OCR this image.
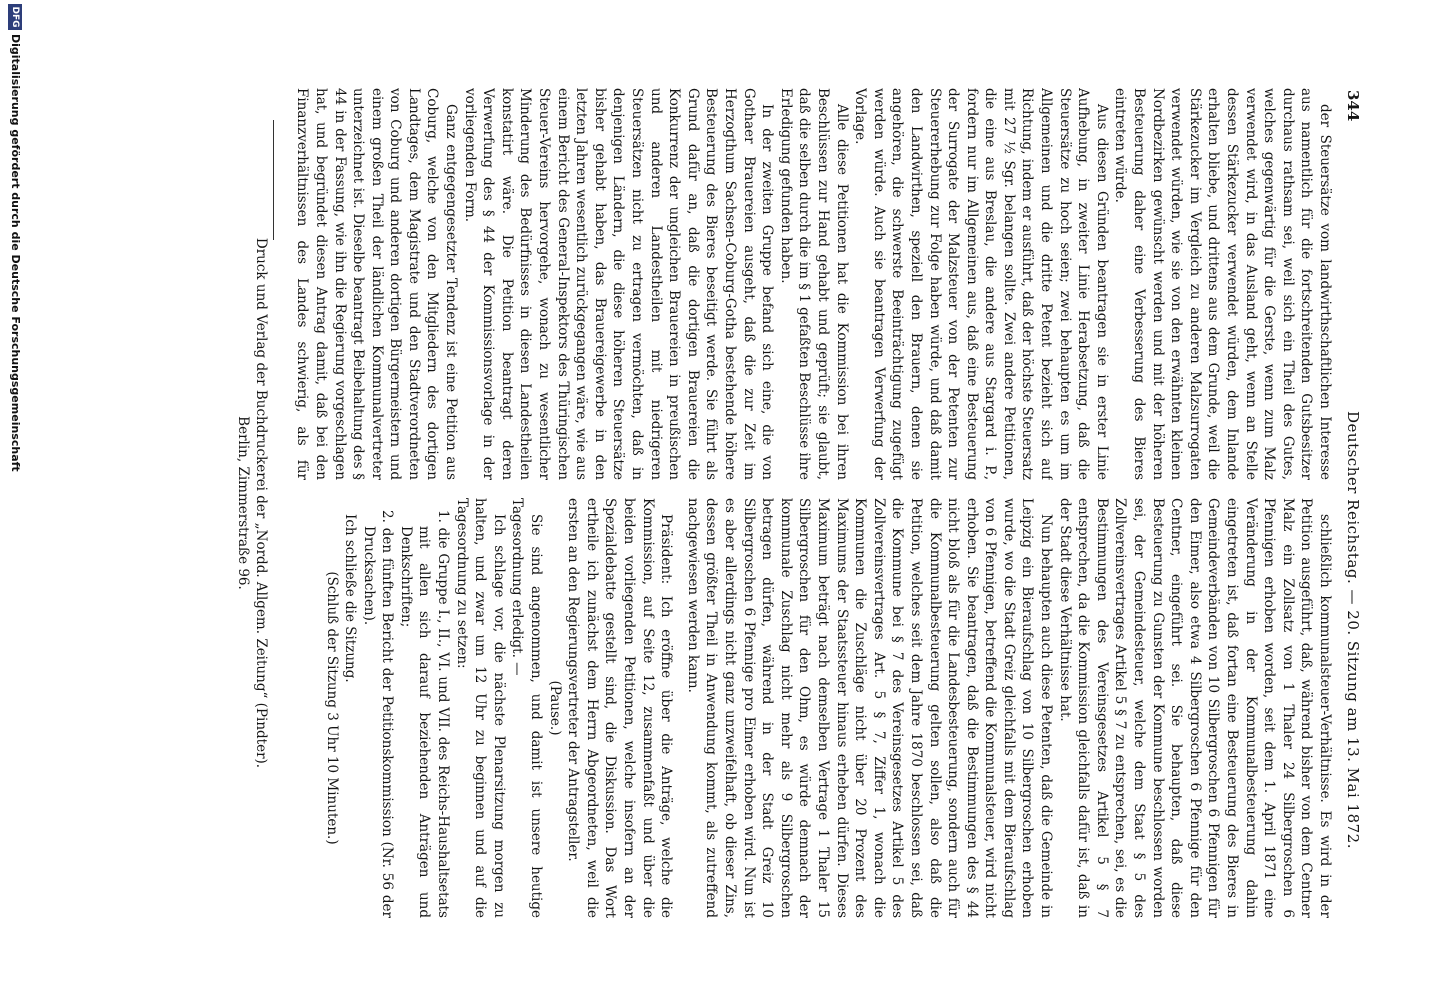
344
Deutscher Reichstag. — 20. Sitzung am 13. Mai 1872.

der Steuersätze vom landwirthschaftlichen Interesse aus namentlich für die fortschreitenden Gutsbesitzer durchaus rathsam sei, weil sich ein Theil des Gutes, welches gegenwärtig für die Gerste, wenn zum Malz verwendet wird, in das Ausland geht, wenn an Stelle dessen Stärkezucker verwendet würden, dem Inlande erhalten bliebe, und drittens aus dem Grunde, weil die Stärkezucker im Vergleich zu anderen Malzsurrogaten verwendet würden, wie sie von den erwähnten kleinen Nordbezirken gewünscht werden und mit der höheren Besteuerung daher eine Verbesserung des Bieres eintreten würde.

Aus diesen Gründen beantragen sie in erster Linie Aufhebung, in zweiter Linie Herabsetzung, daß die Steuersätze zu hoch seien; zwei behaupten es um im Allgemeinen und die dritte Petent bezieht sich auf Richtung, indem er ausführt, daß der höchste Steuersatz mit 27 ½ Sgr. belangen sollte. Zwei andere Petitionen, die eine aus Breslau, die andere aus Stargard i. P., fordern nur im Allgemeinen aus, daß eine Besteuerung der Surrogate der Malzsteuer von der Petenten zur Steuererhebung zur Folge haben würde, und daß damit den Landwirthen, speziell den Brauern, denen sie angehören, die schwerste Beeinträchtigung zugefügt werden würde. Auch sie beantragen Verwerfung der Vorlage.

Alle diese Petitionen hat die Kommission bei ihren Beschlüssen zur Hand gehabt und geprüft; sie glaubt, daß die selben durch die im § 1 gefaßten Beschlüsse ihre Erledigung gefunden haben.

In der zweiten Gruppe befand sich eine, die von Gothaer Brauereien ausgeht, daß die zur Zeit im Herzogthum Sachsen-Coburg-Gotha bestehende höhere Besteuerung des Bieres beseitigt werde. Sie führt als Grund dafür an, daß die dortigen Brauereien die Konkurrenz der ungleichen Brauereien in preußischen und anderen Landestheilen mit niedrigeren Steuersätzen nicht zu ertragen vermöchten, daß in denjenigen Ländern, die diese höheren Steuersätze bisher gehabt haben, das Brauereigewerbe in den letzten Jahren wesentlich zurückgegangen wäre, wie aus einem Bericht des General-Inspektors des Thüringischen Steuer-Vereins hervorgehe, wonach zu wesentlicher Minderung des Bedürfnisses in diesen Landestheilen konstatirt wäre. Die Petition beantragt deren Verwerfung des § 44 der Kommissionsvorlage in der vorliegenden Form.

Ganz entgegengesetzter Tendenz ist eine Petition aus Coburg, welche von den Mitgliedern des dortigen Landtages, dem Magistrate und den Stadtverordneten von Coburg und anderen dortigen Bürgermeistern und einem großen Theil der ländlichen Kommunalvertreter unterzeichnet ist. Dieselbe beantragt Beibehaltung des § 44 in der Fassung, wie ihn die Regierung vorgeschlagen hat, und begründet diesen Antrag damit, daß bei den Finanzverhältnissen des Landes schwierig, als für

schließlich kommunalsteuer-Verhältnisse. Es wird in der Petition ausgeführt, daß, während bisher von dem Centner Malz ein Zollsatz von 1 Thaler 24 Silbergroschen 6 Pfennigen erhoben worden, seit dem 1. April 1871 eine Veränderung in der Kommunalbesteuerung dahin eingetreten ist, daß fortan eine Besteuerung des Bieres in Gemeindeverbänden von 10 Silbergroschen 6 Pfennigen für den Eimer, also etwa 4 Silbergroschen 6 Pfennige für den Centner, eingeführt sei. Sie behaupten, daß diese Besteuerung zu Gunsten der Kommune beschlossen worden sei, der Gemeindesteuer, welche dem Staat § 5 des Zollvereinsvertrages Artikel 5 § 7 zu entsprechen, sei, es die Bestimmungen des Vereinsgesetzes Artikel 5 § 7 entsprechen, da die Kommission gleichfalls dafür ist, daß in der Stadt diese Verhältnisse hat.

Nun behaupten auch diese Petenten, daß die Gemeinde in Leipzig ein Bieraufschlag von 10 Silbergroschen erhoben wurde, wo die Stadt Greiz gleichfalls mit dem Bieraufschlag von 6 Pfennigen, betreffend die Kommunalsteuer, wird nicht erhoben. Sie beantragen, daß die Bestimmungen des § 44 nicht bloß als für die Landesbesteuerung, sondern auch für die Kommunalbesteuerung gelten sollen, also daß die Petition, welches seit dem Jahre 1870 beschlossen sei, daß die Kommune bei § 7 des Vereinsgesetzes Artikel 5 des Zollvereinsvertrages Art. 5 § 7, Ziffer 1, wonach die Kommunen die Zuschläge nicht über 20 Prozent des Maximums der Staatssteuer hinaus erheben dürfen. Dieses Maximum beträgt nach demselben Vertrage 1 Thaler 15 Silbergroschen für den Ohm, es würde demnach der kommunale Zuschlag nicht mehr als 9 Silbergroschen betragen dürfen, während in der Stadt Greiz 10 Silbergroschen 6 Pfennige pro Eimer erhoben wird. Nun ist es aber allerdings nicht ganz unzweifelhaft, ob dieser Zins, dessen größter Theil in Anwendung kommt, als zutreffend nachgewiesen werden kann.

Präsident: Ich eröffne über die Anträge, welche die Kommission, auf Seite 12, zusammenfaßt und über die beiden vorliegenden Petitionen, welche insofern an der Spezialdebatte gestellt sind, die Diskussion. Das Wort ertheile ich zunächst dem Herrn Abgeordneten, weil die ersten an den Regierungsvertreter der Antragsteller.

(Pause.)

Sie sind angenommen, und damit ist unsere heutige Tagesordnung erledigt. —

Ich schlage vor, die nächste Plenarsitzung morgen zu halten, und zwar um 12 Uhr zu beginnen und auf die Tagesordnung zu setzen:

1. die Gruppe I., II., VI. und VII. des Reichs-Haushaltsetats mit allen sich darauf beziehenden Anträgen und Denkschriften;

2. den fünften Bericht der Petitionskommission (Nr. 56 der Drucksachen).

Ich schließe die Sitzung.

(Schluß der Sitzung 3 Uhr 10 Minuten.)

Druck und Verlag der Buchdruckerei der „Nordd. Allgem. Zeitung“ (Pindter).
Berlin, Zimmerstraße 96.
DFG
Digitalisierung gefördert durch die Deutsche Forschungsgemeinschaft
